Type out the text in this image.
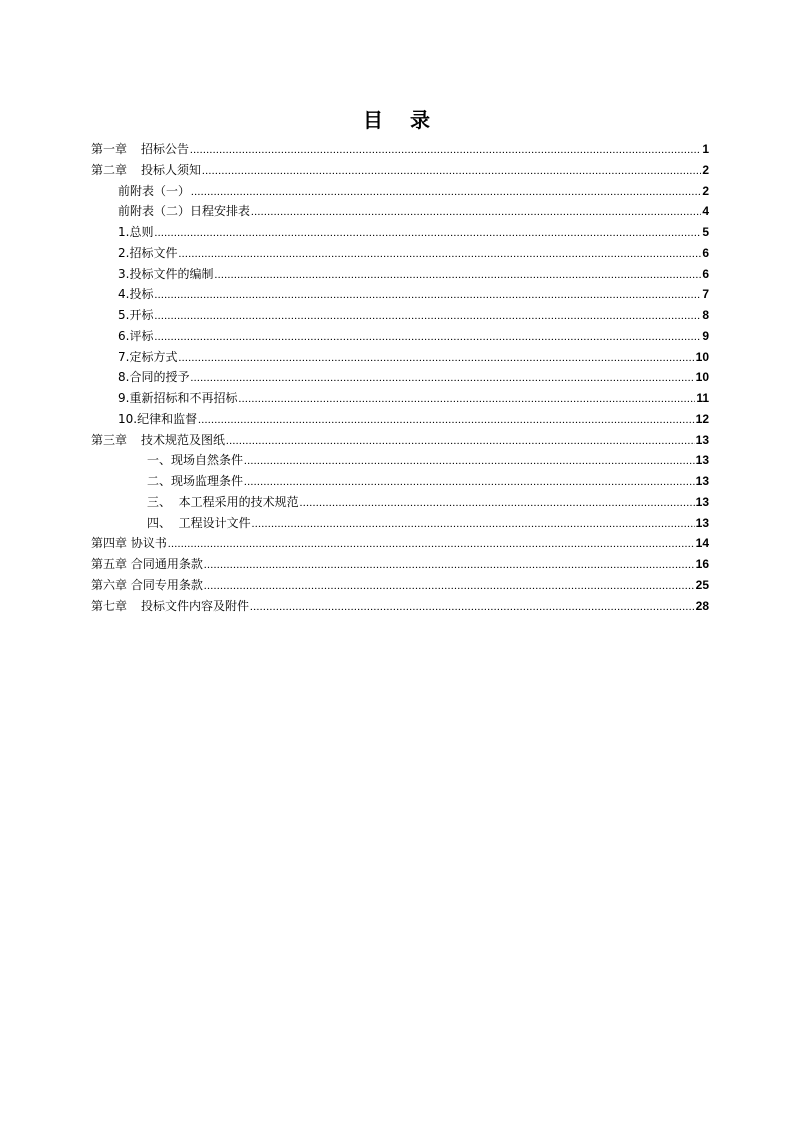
目 录
第一章 招标公告 .....	1
第二章 投标人须知 .....	2
前附表（一） .....	2
前附表（二）日程安排表 .....	4
1.总则 .....	5
2.招标文件 .....	6
3.投标文件的编制 .....	6
4.投标 .....	7
5.开标 .....	8
6.评标 .....	9
7.定标方式 .....	10
8.合同的授予 .....	10
9.重新招标和不再招标 .....	11
10.纪律和监督 .....	12
第三章 技术规范及图纸 .....	13
一、现场自然条件 .....	13
二、现场监理条件 .....	13
三、  本工程采用的技术规范 .....	13
四、  工程设计文件 .....	13
第四章 协议书 .....	14
第五章 合同通用条款 .....	16
第六章 合同专用条款 .....	25
第七章 投标文件内容及附件 .....	28
